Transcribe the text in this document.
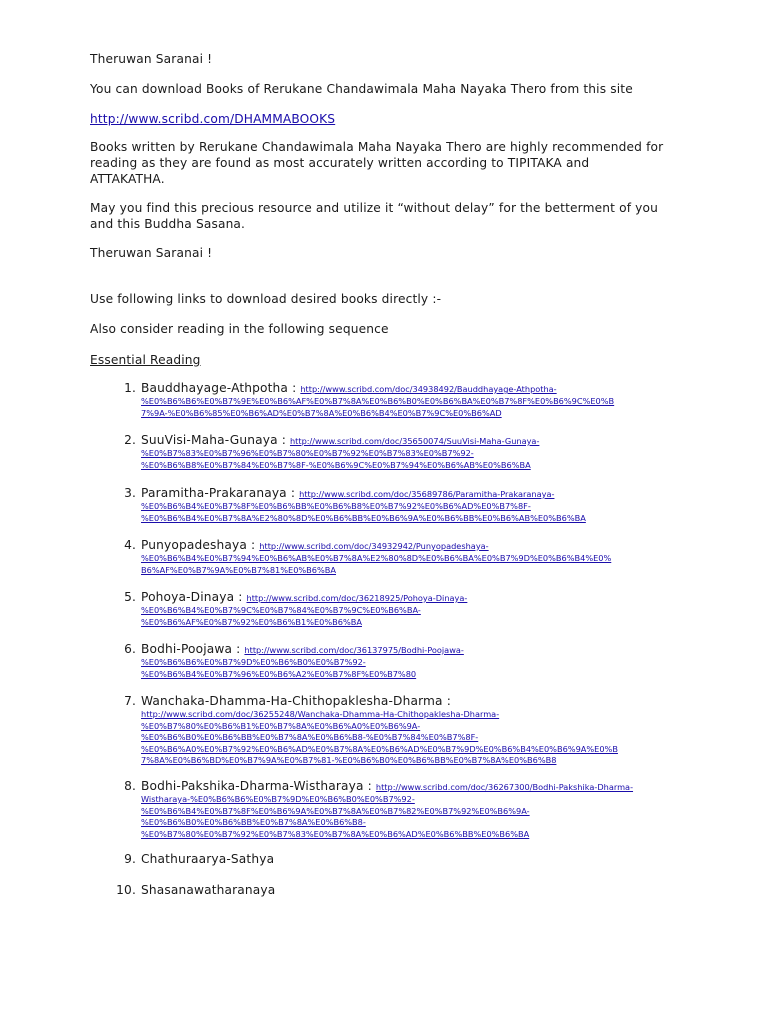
Theruwan Saranai !

You can download Books of Rerukane Chandawimala Maha Nayaka Thero from this site

http://www.scribd.com/DHAMMABOOKS

Books written by Rerukane Chandawimala Maha Nayaka Thero are highly recommended for

reading as they are found as most accurately written according to TIPITAKA and

ATTAKATHA.

May you find this precious resource and utilize it “without delay” for the betterment of you

and this Buddha Sasana.

Theruwan Saranai !

Use following links to download desired books directly :-

Also consider reading in the following sequence

Essential Reading

1. Bauddhayage-Athpotha : http://www.scribd.com/doc/34938492/Bauddhayage-Athpotha-
%E0%B6%B6%E0%B7%9E%E0%B6%AF%E0%B7%8A%E0%B6%B0%E0%B6%BA%E0%B7%8F%E0%B6%9C%E0%B
7%9A-%E0%B6%85%E0%B6%AD%E0%B7%8A%E0%B6%B4%E0%B7%9C%E0%B6%AD
2. SuuVisi-Maha-Gunaya : http://www.scribd.com/doc/35650074/SuuVisi-Maha-Gunaya-
%E0%B7%83%E0%B7%96%E0%B7%80%E0%B7%92%E0%B7%83%E0%B7%92-
%E0%B6%B8%E0%B7%84%E0%B7%8F-%E0%B6%9C%E0%B7%94%E0%B6%AB%E0%B6%BA
3. Paramitha-Prakaranaya : http://www.scribd.com/doc/35689786/Paramitha-Prakaranaya-
%E0%B6%B4%E0%B7%8F%E0%B6%BB%E0%B6%B8%E0%B7%92%E0%B6%AD%E0%B7%8F-
%E0%B6%B4%E0%B7%8A%E2%80%8D%E0%B6%BB%E0%B6%9A%E0%B6%BB%E0%B6%AB%E0%B6%BA
4. Punyopadeshaya : http://www.scribd.com/doc/34932942/Punyopadeshaya-
%E0%B6%B4%E0%B7%94%E0%B6%AB%E0%B7%8A%E2%80%8D%E0%B6%BA%E0%B7%9D%E0%B6%B4%E0%
B6%AF%E0%B7%9A%E0%B7%81%E0%B6%BA
5. Pohoya-Dinaya : http://www.scribd.com/doc/36218925/Pohoya-Dinaya-
%E0%B6%B4%E0%B7%9C%E0%B7%84%E0%B7%9C%E0%B6%BA-
%E0%B6%AF%E0%B7%92%E0%B6%B1%E0%B6%BA
6. Bodhi-Poojawa : http://www.scribd.com/doc/36137975/Bodhi-Poojawa-
%E0%B6%B6%E0%B7%9D%E0%B6%B0%E0%B7%92-
%E0%B6%B4%E0%B7%96%E0%B6%A2%E0%B7%8F%E0%B7%80
7. Wanchaka-Dhamma-Ha-Chithopaklesha-Dharma :
http://www.scribd.com/doc/36255248/Wanchaka-Dhamma-Ha-Chithopaklesha-Dharma-
%E0%B7%80%E0%B6%B1%E0%B7%8A%E0%B6%A0%E0%B6%9A-
%E0%B6%B0%E0%B6%BB%E0%B7%8A%E0%B6%B8-%E0%B7%84%E0%B7%8F-
%E0%B6%A0%E0%B7%92%E0%B6%AD%E0%B7%8A%E0%B6%AD%E0%B7%9D%E0%B6%B4%E0%B6%9A%E0%B
7%8A%E0%B6%BD%E0%B7%9A%E0%B7%81-%E0%B6%B0%E0%B6%BB%E0%B7%8A%E0%B6%B8
8. Bodhi-Pakshika-Dharma-Wistharaya : http://www.scribd.com/doc/36267300/Bodhi-Pakshika-Dharma-
Wistharaya-%E0%B6%B6%E0%B7%9D%E0%B6%B0%E0%B7%92-
%E0%B6%B4%E0%B7%8F%E0%B6%9A%E0%B7%8A%E0%B7%82%E0%B7%92%E0%B6%9A-
%E0%B6%B0%E0%B6%BB%E0%B7%8A%E0%B6%B8-
%E0%B7%80%E0%B7%92%E0%B7%83%E0%B7%8A%E0%B6%AD%E0%B6%BB%E0%B6%BA
9. Chathuraarya-Sathya
10. Shasanawatharanaya
